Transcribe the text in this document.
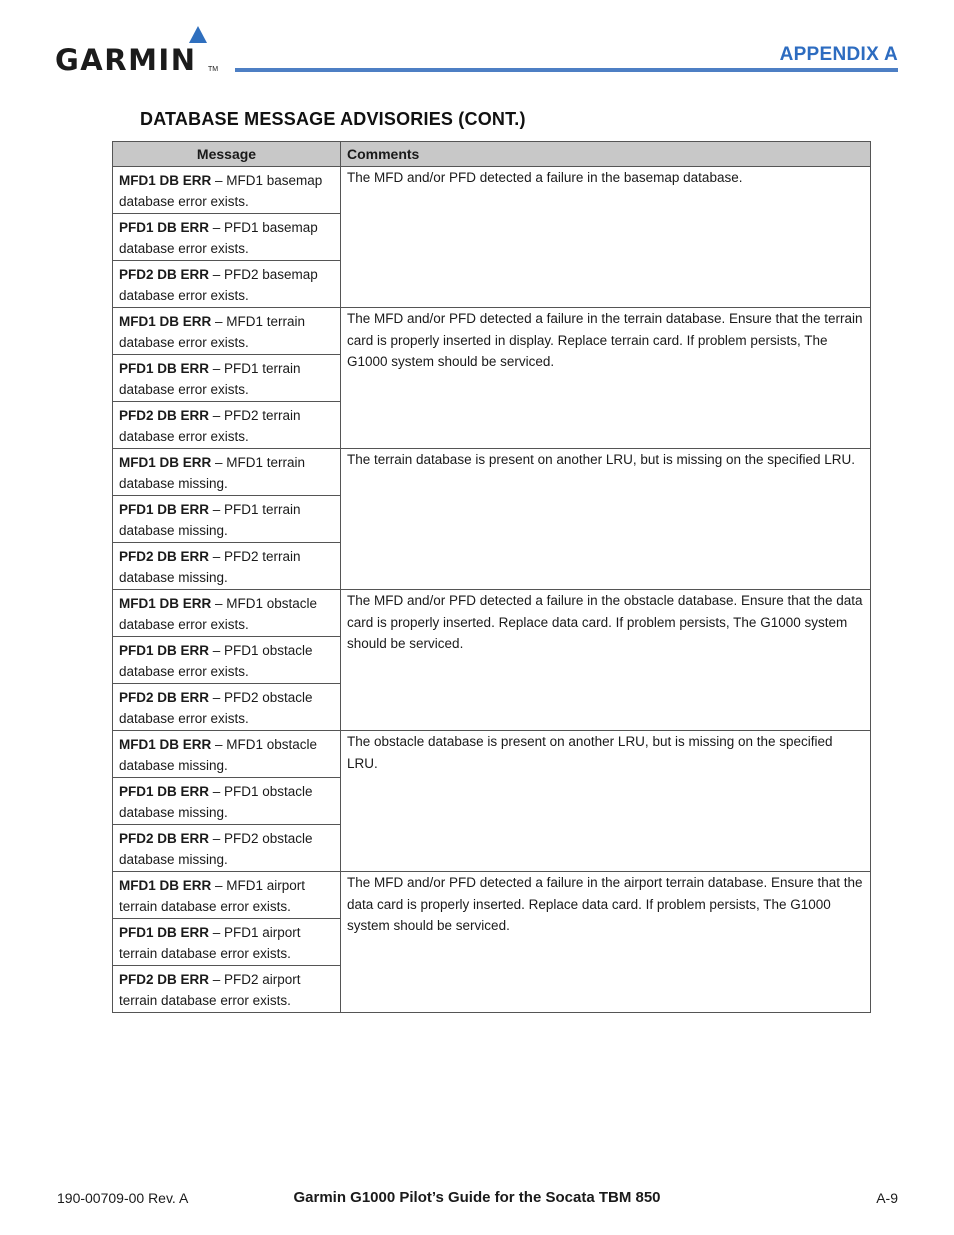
GARMIN TM
APPENDIX A
DATABASE MESSAGE ADVISORIES (CONT.)
Message	Comments
MFD1 DB ERR – MFD1 basemap database error exists.	The MFD and/or PFD detected a failure in the basemap database.
PFD1 DB ERR – PFD1 basemap database error exists.	
PFD2 DB ERR – PFD2 basemap database error exists.	
MFD1 DB ERR – MFD1 terrain database error exists.	The MFD and/or PFD detected a failure in the terrain database. Ensure that the terrain card is properly inserted in display. Replace terrain card. If problem persists, The G1000 system should be serviced.
PFD1 DB ERR – PFD1 terrain database error exists.	
PFD2 DB ERR – PFD2 terrain database error exists.	
MFD1 DB ERR – MFD1 terrain database missing.	The terrain database is present on another LRU, but is missing on the specified LRU.
PFD1 DB ERR – PFD1 terrain database missing.	
PFD2 DB ERR – PFD2 terrain database missing.	
MFD1 DB ERR – MFD1 obstacle database error exists.	The MFD and/or PFD detected a failure in the obstacle database. Ensure that the data card is properly inserted. Replace data card. If problem persists, The G1000 system should be serviced.
PFD1 DB ERR – PFD1 obstacle database error exists.	
PFD2 DB ERR – PFD2 obstacle database error exists.	
MFD1 DB ERR – MFD1 obstacle database missing.	The obstacle database is present on another LRU, but is missing on the specified LRU.
PFD1 DB ERR – PFD1 obstacle database missing.	
PFD2 DB ERR – PFD2 obstacle database missing.	
MFD1 DB ERR – MFD1 airport terrain database error exists.	The MFD and/or PFD detected a failure in the airport terrain database. Ensure that the data card is properly inserted. Replace data card. If problem persists, The G1000 system should be serviced.
PFD1 DB ERR – PFD1 airport terrain database error exists.	
PFD2 DB ERR – PFD2 airport terrain database error exists.	
190-00709-00 Rev. A	Garmin G1000 Pilot’s Guide for the Socata TBM 850	A-9
